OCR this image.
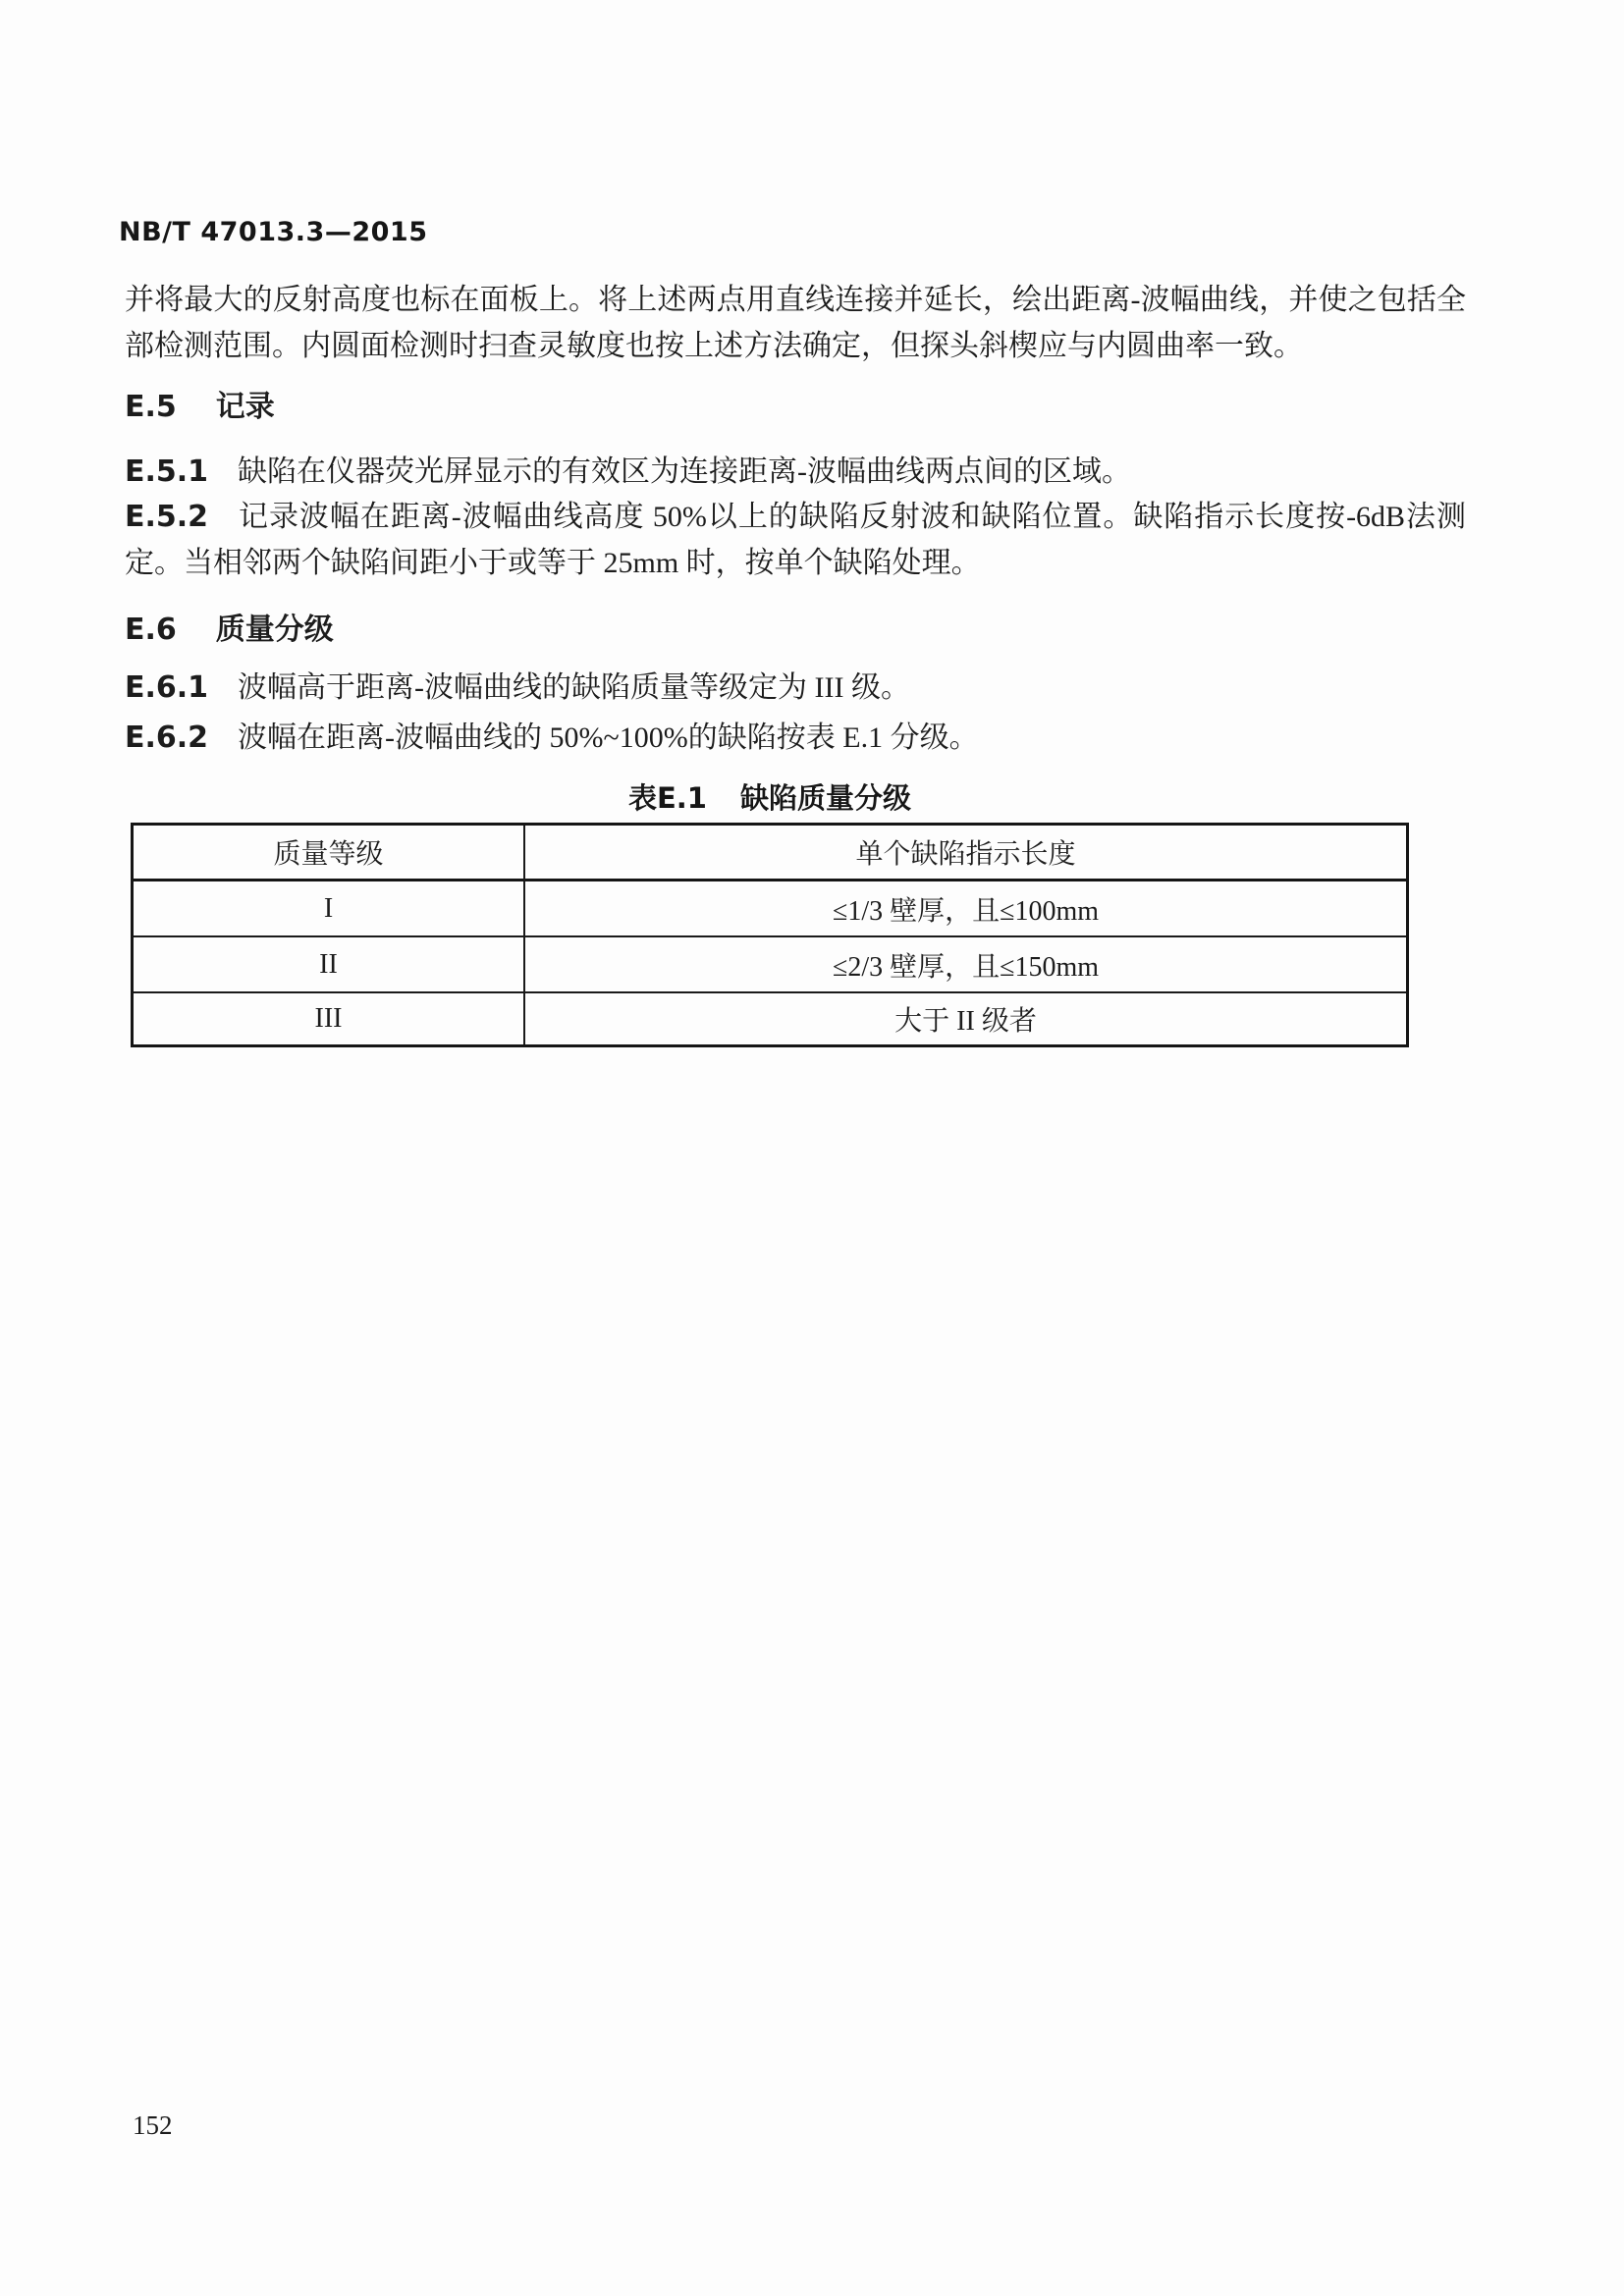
NB/T 47013.3—2015
并将最大的反射高度也标在面板上。将上述两点用直线连接并延长，绘出距离-波幅曲线，并使之包括全部检测范围。内圆面检测时扫查灵敏度也按上述方法确定，但探头斜楔应与内圆曲率一致。
E.5 记录
E.5.1 缺陷在仪器荧光屏显示的有效区为连接距离-波幅曲线两点间的区域。
E.5.2 记录波幅在距离-波幅曲线高度 50%以上的缺陷反射波和缺陷位置。缺陷指示长度按-6dB法测定。当相邻两个缺陷间距小于或等于 25mm 时，按单个缺陷处理。
E.6 质量分级
E.6.1 波幅高于距离-波幅曲线的缺陷质量等级定为 III 级。
E.6.2 波幅在距离-波幅曲线的 50%~100%的缺陷按表 E.1 分级。
表E.1 缺陷质量分级
质量等级	单个缺陷指示长度
I	≤1/3 壁厚，且≤100mm
II	≤2/3 壁厚，且≤150mm
III	大于 II 级者
152
